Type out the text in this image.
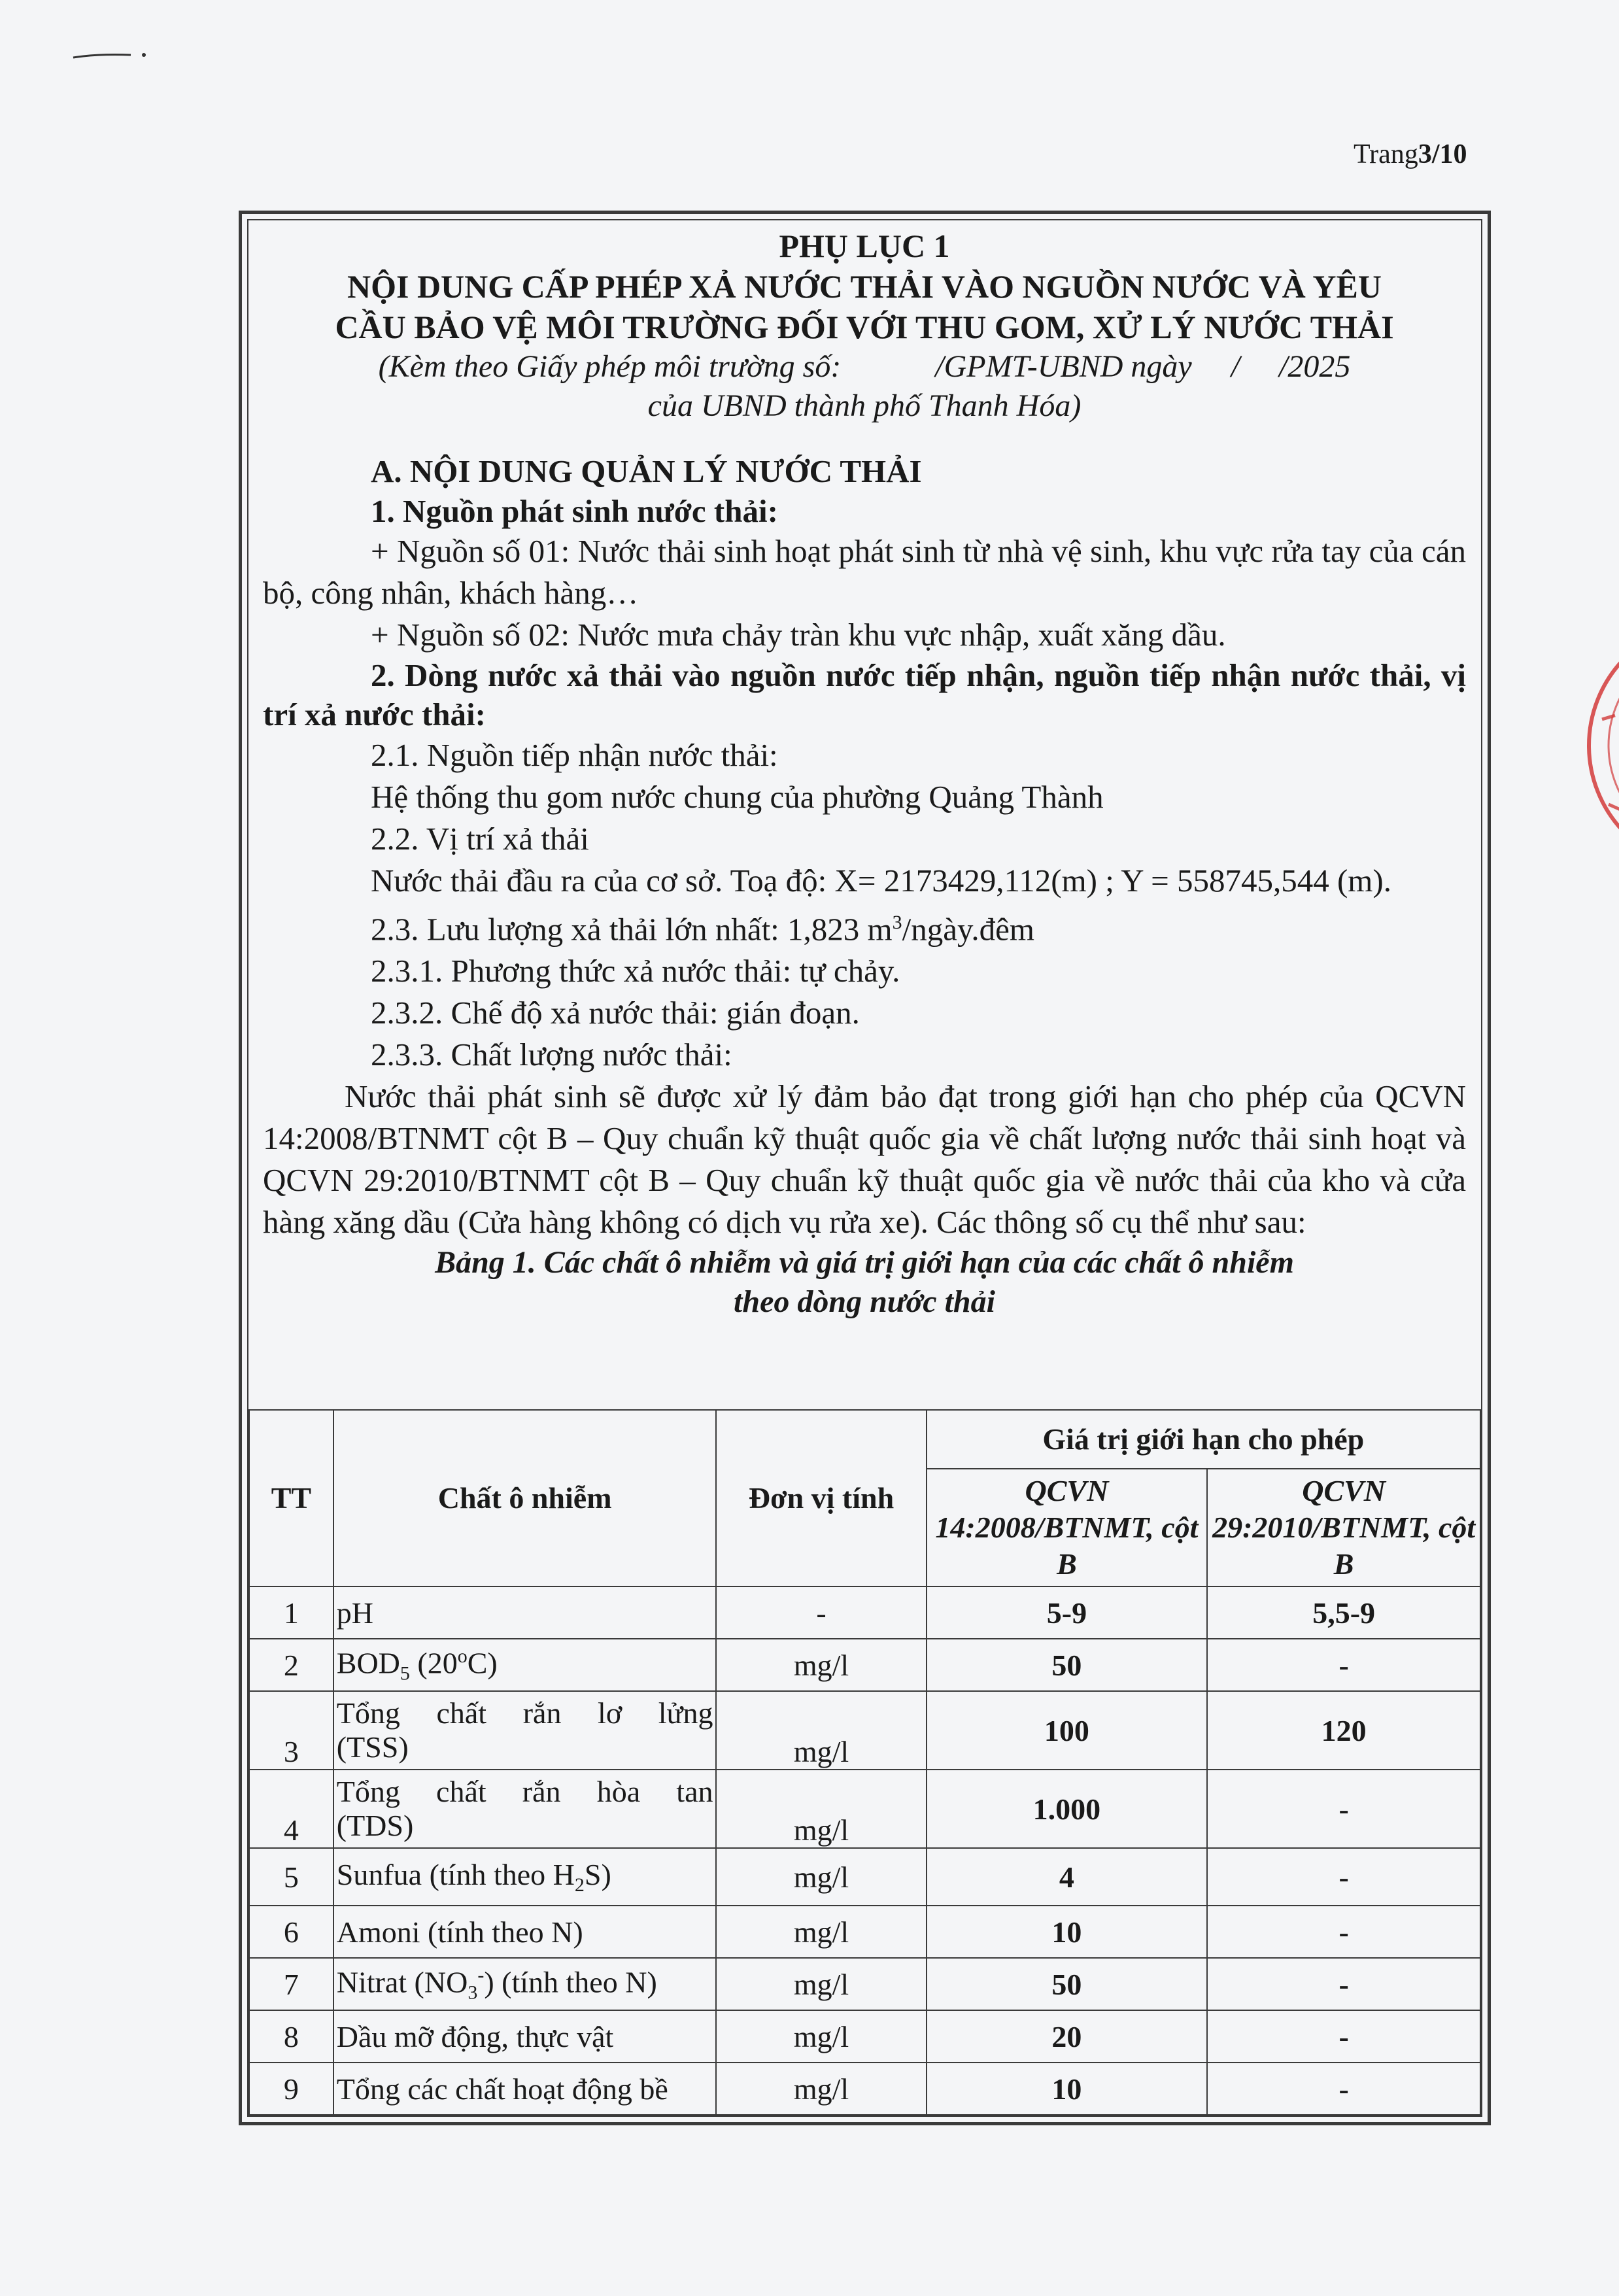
Trang3/10
PHỤ LỤC 1
NỘI DUNG CẤP PHÉP XẢ NƯỚC THẢI VÀO NGUỒN NƯỚC VÀ YÊU
CẦU BẢO VỆ MÔI TRƯỜNG ĐỐI VỚI THU GOM, XỬ LÝ NƯỚC THẢI
(Kèm theo Giấy phép môi trường số:            /GPMT-UBND ngày     /     /2025
của UBND thành phố Thanh Hóa)
A. NỘI DUNG QUẢN LÝ NƯỚC THẢI
1. Nguồn phát sinh nước thải:
+ Nguồn số 01: Nước thải sinh hoạt phát sinh từ nhà vệ sinh, khu vực rửa tay của cán bộ, công nhân, khách hàng…
+ Nguồn số 02: Nước mưa chảy tràn khu vực nhập, xuất xăng dầu.
2. Dòng nước xả thải vào nguồn nước tiếp nhận, nguồn tiếp nhận nước thải, vị trí xả nước thải:
2.1. Nguồn tiếp nhận nước thải:
Hệ thống thu gom nước chung của phường Quảng Thành
2.2. Vị trí xả thải
Nước thải đầu ra của cơ sở. Toạ độ: X= 2173429,112(m) ; Y = 558745,544 (m).
2.3. Lưu lượng xả thải lớn nhất: 1,823 $m^3/ngày.đêm$
2.3.1. Phương thức xả nước thải: tự chảy.
2.3.2. Chế độ xả nước thải: gián đoạn.
2.3.3. Chất lượng nước thải:
Nước thải phát sinh sẽ được xử lý đảm bảo đạt trong giới hạn cho phép của QCVN 14:2008/BTNMT cột B – Quy chuẩn kỹ thuật quốc gia về chất lượng nước thải sinh hoạt và QCVN 29:2010/BTNMT cột B – Quy chuẩn kỹ thuật quốc gia về nước thải của kho và cửa hàng xăng dầu (Cửa hàng không có dịch vụ rửa xe). Các thông số cụ thể như sau:
Bảng 1. Các chất ô nhiễm và giá trị giới hạn của các chất ô nhiễm
theo dòng nước thải
TT	Chất ô nhiễm	Đơn vị tính	Giá trị giới hạn cho phép	
			QCVN 14:2008/BTNMT, cột B	QCVN 29:2010/BTNMT, cột B
1	pH	-	5-9	5,5-9
2	$BOD_5$ (20$^o$C)	mg/l	50	-
3	Tổng chất rắn lơ lửng
(TSS)	mg/l	100	120
4	Tổng chất rắn hòa tan
(TDS)	mg/l	1.000	-
5	Sunfua (tính theo $H_2S$)	mg/l	4	-
6	Amoni (tính theo N)	mg/l	10	-
7	Nitrat $(NO_3^-)$ (tính theo N)	mg/l	50	-
8	Dầu mỡ động, thực vật	mg/l	20	-
9	Tổng các chất hoạt động bề	mg/l	10	-
